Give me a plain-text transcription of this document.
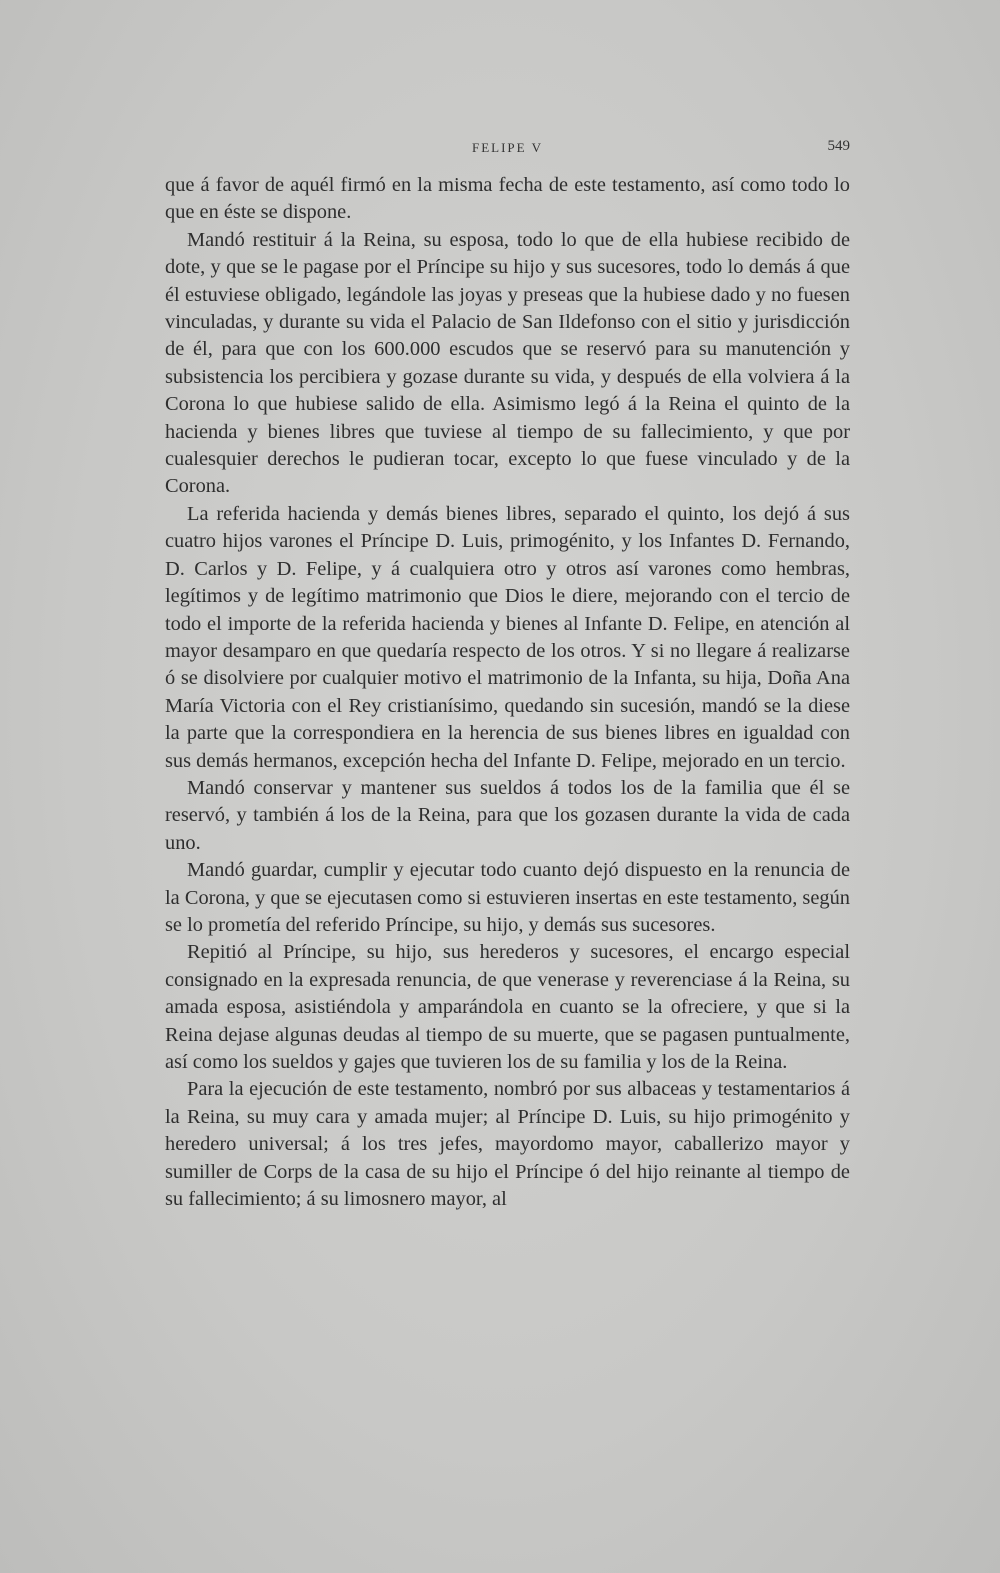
FELIPE V	549

que á favor de aquél firmó en la misma fecha de este testamento, así como todo lo que en éste se dispone.

Mandó restituir á la Reina, su esposa, todo lo que de ella hubiese recibido de dote, y que se le pagase por el Príncipe su hijo y sus sucesores, todo lo demás á que él estuviese obligado, legándole las joyas y preseas que la hubiese dado y no fuesen vinculadas, y durante su vida el Palacio de San Ildefonso con el sitio y jurisdicción de él, para que con los 600.000 escudos que se reservó para su manutención y subsistencia los percibiera y gozase durante su vida, y después de ella volviera á la Corona lo que hubiese salido de ella. Asimismo legó á la Reina el quinto de la hacienda y bienes libres que tuviese al tiempo de su fallecimiento, y que por cualesquier derechos le pudieran tocar, excepto lo que fuese vinculado y de la Corona.

La referida hacienda y demás bienes libres, separado el quinto, los dejó á sus cuatro hijos varones el Príncipe D. Luis, primogénito, y los Infantes D. Fernando, D. Carlos y D. Felipe, y á cualquiera otro y otros así varones como hembras, legítimos y de legítimo matrimonio que Dios le diere, mejorando con el tercio de todo el importe de la referida hacienda y bienes al Infante D. Felipe, en atención al mayor desamparo en que quedaría respecto de los otros. Y si no llegare á realizarse ó se disolviere por cualquier motivo el matrimonio de la Infanta, su hija, Doña Ana María Victoria con el Rey cristianísimo, quedando sin sucesión, mandó se la diese la parte que la correspondiera en la herencia de sus bienes libres en igualdad con sus demás hermanos, excepción hecha del Infante D. Felipe, mejorado en un tercio.

Mandó conservar y mantener sus sueldos á todos los de la familia que él se reservó, y también á los de la Reina, para que los gozasen durante la vida de cada uno.

Mandó guardar, cumplir y ejecutar todo cuanto dejó dispuesto en la renuncia de la Corona, y que se ejecutasen como si estuvieren insertas en este testamento, según se lo prometía del referido Príncipe, su hijo, y demás sus sucesores.

Repitió al Príncipe, su hijo, sus herederos y sucesores, el encargo especial consignado en la expresada renuncia, de que venerase y reverenciase á la Reina, su amada esposa, asistiéndola y amparándola en cuanto se la ofreciere, y que si la Reina dejase algunas deudas al tiempo de su muerte, que se pagasen puntualmente, así como los sueldos y gajes que tuvieren los de su familia y los de la Reina.

Para la ejecución de este testamento, nombró por sus albaceas y testamentarios á la Reina, su muy cara y amada mujer; al Príncipe D. Luis, su hijo primogénito y heredero universal; á los tres jefes, mayordomo mayor, caballerizo mayor y sumiller de Corps de la casa de su hijo el Príncipe ó del hijo reinante al tiempo de su fallecimiento; á su limosnero mayor, al
